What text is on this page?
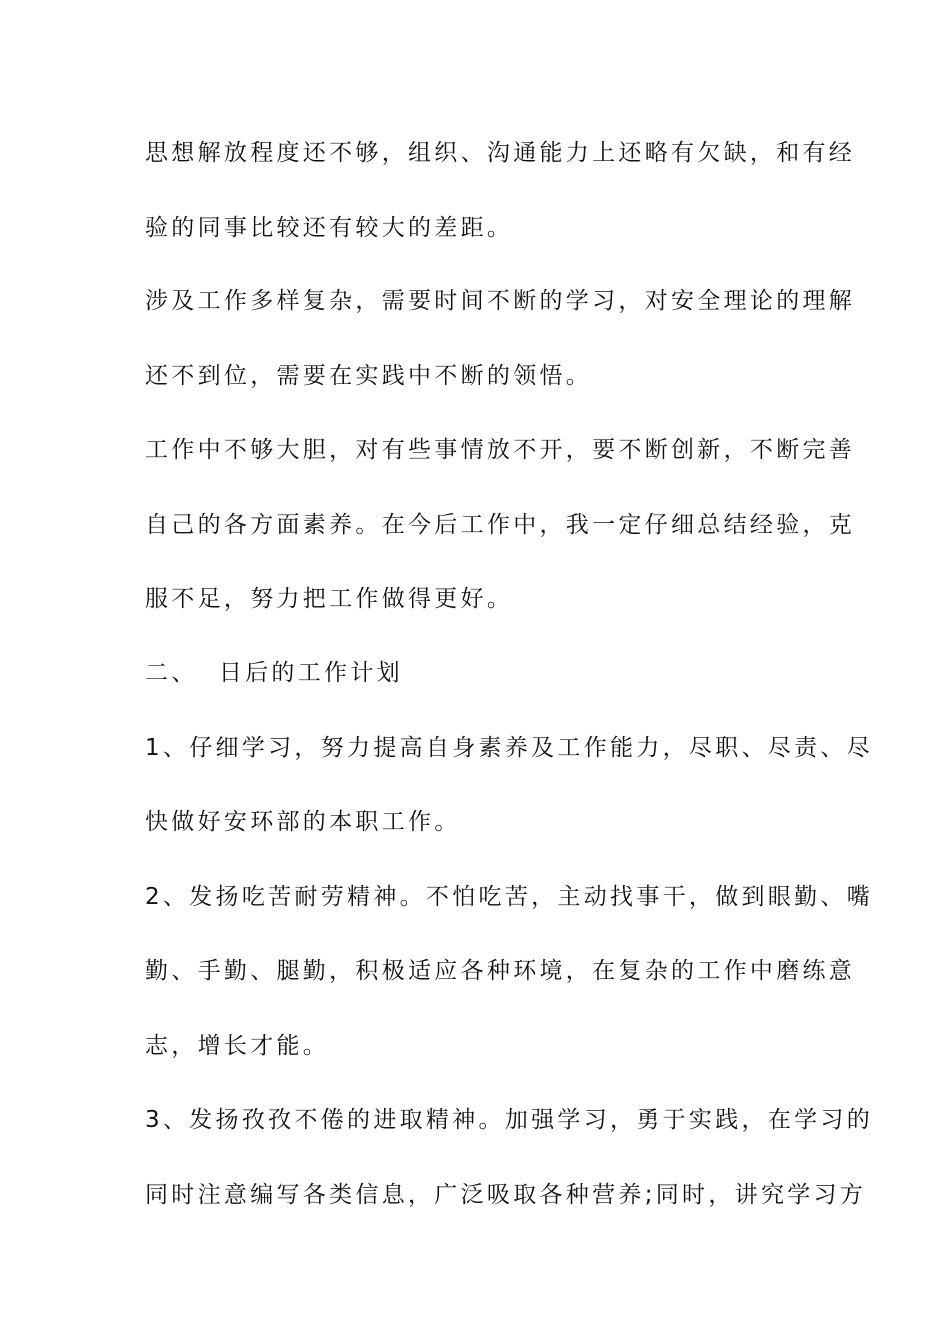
思想解放程度还不够，组织、沟通能力上还略有欠缺，和有经
验的同事比较还有较大的差距。
涉及工作多样复杂，需要时间不断的学习，对安全理论的理解
还不到位，需要在实践中不断的领悟。
工作中不够大胆，对有些事情放不开，要不断创新，不断完善
自己的各方面素养。在今后工作中，我一定仔细总结经验，克
服不足，努力把工作做得更好。
二、  日后的工作计划
1、仔细学习，努力提高自身素养及工作能力，尽职、尽责、尽
快做好安环部的本职工作。
2、发扬吃苦耐劳精神。不怕吃苦，主动找事干，做到眼勤、嘴
勤、手勤、腿勤，积极适应各种环境，在复杂的工作中磨练意
志，增长才能。
3、发扬孜孜不倦的进取精神。加强学习，勇于实践，在学习的
同时注意编写各类信息，广泛吸取各种营养;同时，讲究学习方
